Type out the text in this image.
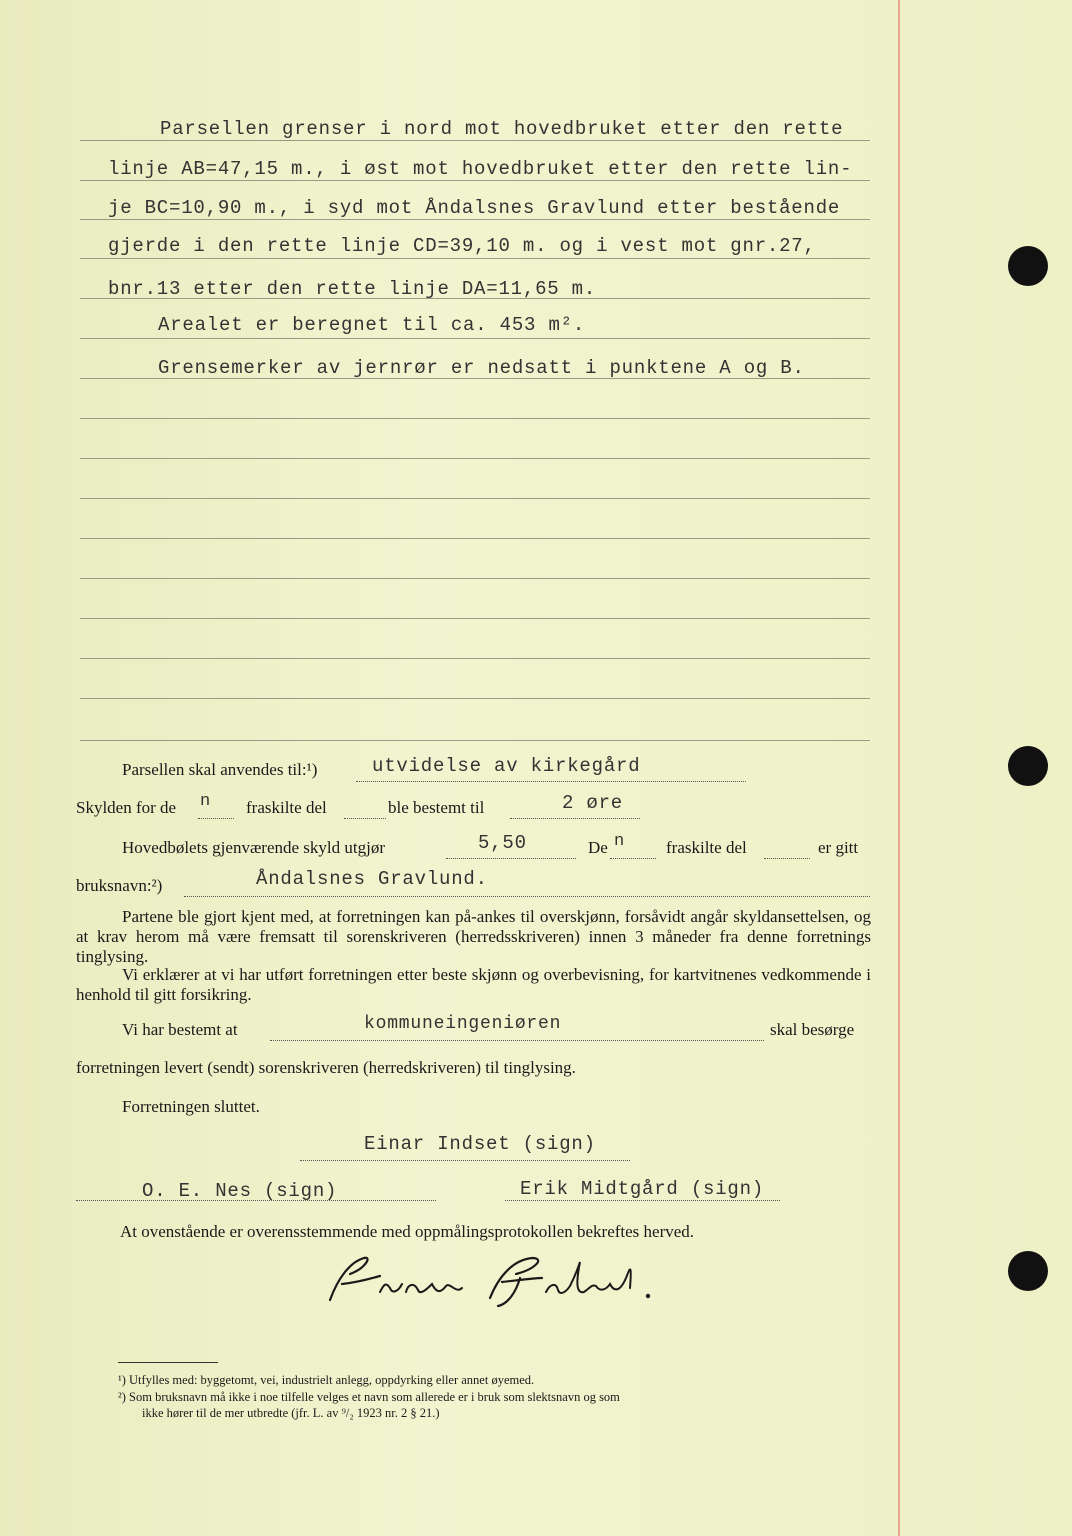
Parsellen grenser i nord mot hovedbruket etter den rette
linje AB=47,15 m., i øst mot hovedbruket etter den rette lin-
je BC=10,90 m., i syd mot Åndalsnes Gravlund etter bestående
gjerde i den rette linje CD=39,10 m. og i vest mot gnr.27,
bnr.13 etter den rette linje DA=11,65 m.
Arealet er beregnet til ca. 453 m².
Grensemerker av jernrør er nedsatt i punktene A og B.
Parsellen skal anvendes til:¹)	utvidelse av kirkegård
Skylden for de n fraskilte del	ble bestemt til	2 øre
Hovedbølets gjenværende skyld utgjør	5,50	De n fraskilte del	er gitt
bruksnavn:²)	Åndalsnes Gravlund.
Partene ble gjort kjent med, at forretningen kan på-ankes til overskjønn, forsåvidt angår skyldansettelsen, og at krav herom må være fremsatt til sorenskriveren (herredsskriveren) innen 3 måneder fra denne forretnings tinglysing.
Vi erklærer at vi har utført forretningen etter beste skjønn og overbevisning, for kartvitnenes vedkommende i henhold til gitt forsikring.
Vi har bestemt at	kommuneingeniøren	skal besørge
forretningen levert (sendt) sorenskriveren (herredskriveren) til tinglysing.
Forretningen sluttet.
Einar Indset (sign)
O. E. Nes (sign)	Erik Midtgård (sign)
At ovenstående er overensstemmende med oppmålingsprotokollen bekreftes herved.
¹) Utfylles med: byggetomt, vei, industrielt anlegg, oppdyrking eller annet øyemed.
²) Som bruksnavn må ikke i noe tilfelle velges et navn som allerede er i bruk som slektsnavn og som
ikke hører til de mer utbredte (jfr. L. av ⁹/₂ 1923 nr. 2 § 21.)
